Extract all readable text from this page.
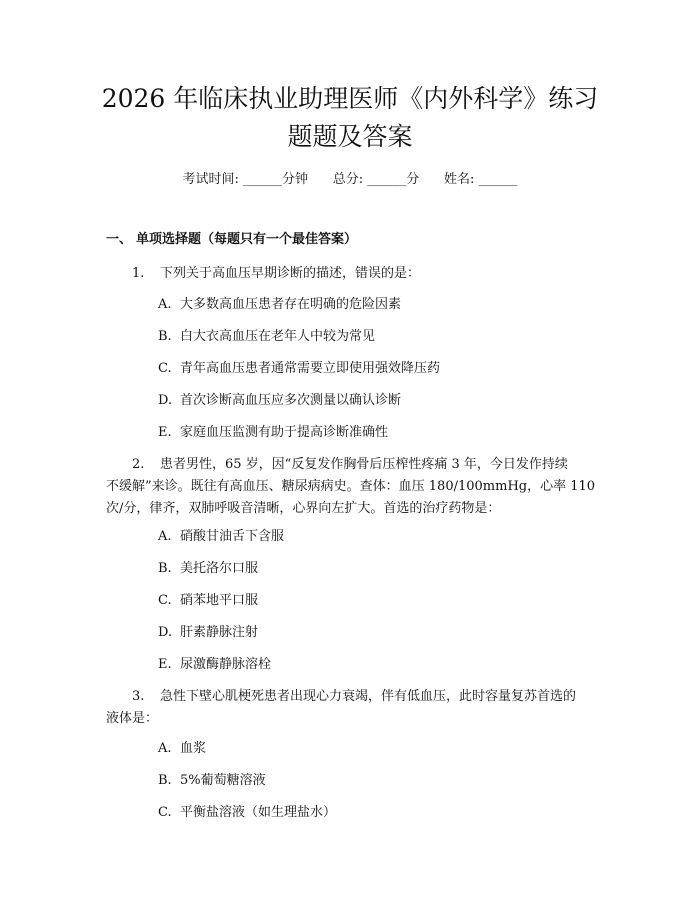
2026 年临床执业助理医师《内外科学》练习
题题及答案
考试时间: ______分钟      总分: ______分      姓名: ______
一、 单项选择题（每题只有一个最佳答案）
1. 下列关于高血压早期诊断的描述，错误的是：
A. 大多数高血压患者存在明确的危险因素
B. 白大衣高血压在老年人中较为常见
C. 青年高血压患者通常需要立即使用强效降压药
D. 首次诊断高血压应多次测量以确认诊断
E. 家庭血压监测有助于提高诊断准确性
2. 患者男性，65 岁，因“反复发作胸骨后压榨性疼痛 3 年，今日发作持续
不缓解”来诊。既往有高血压、糖尿病病史。查体：血压 180/100mmHg，心率 110
次/分，律齐，双肺呼吸音清晰，心界向左扩大。首选的治疗药物是：
A. 硝酸甘油舌下含服
B. 美托洛尔口服
C. 硝苯地平口服
D. 肝素静脉注射
E. 尿激酶静脉溶栓
3. 急性下壁心肌梗死患者出现心力衰竭，伴有低血压，此时容量复苏首选的
液体是：
A. 血浆
B. 5%葡萄糖溶液
C. 平衡盐溶液（如生理盐水）
